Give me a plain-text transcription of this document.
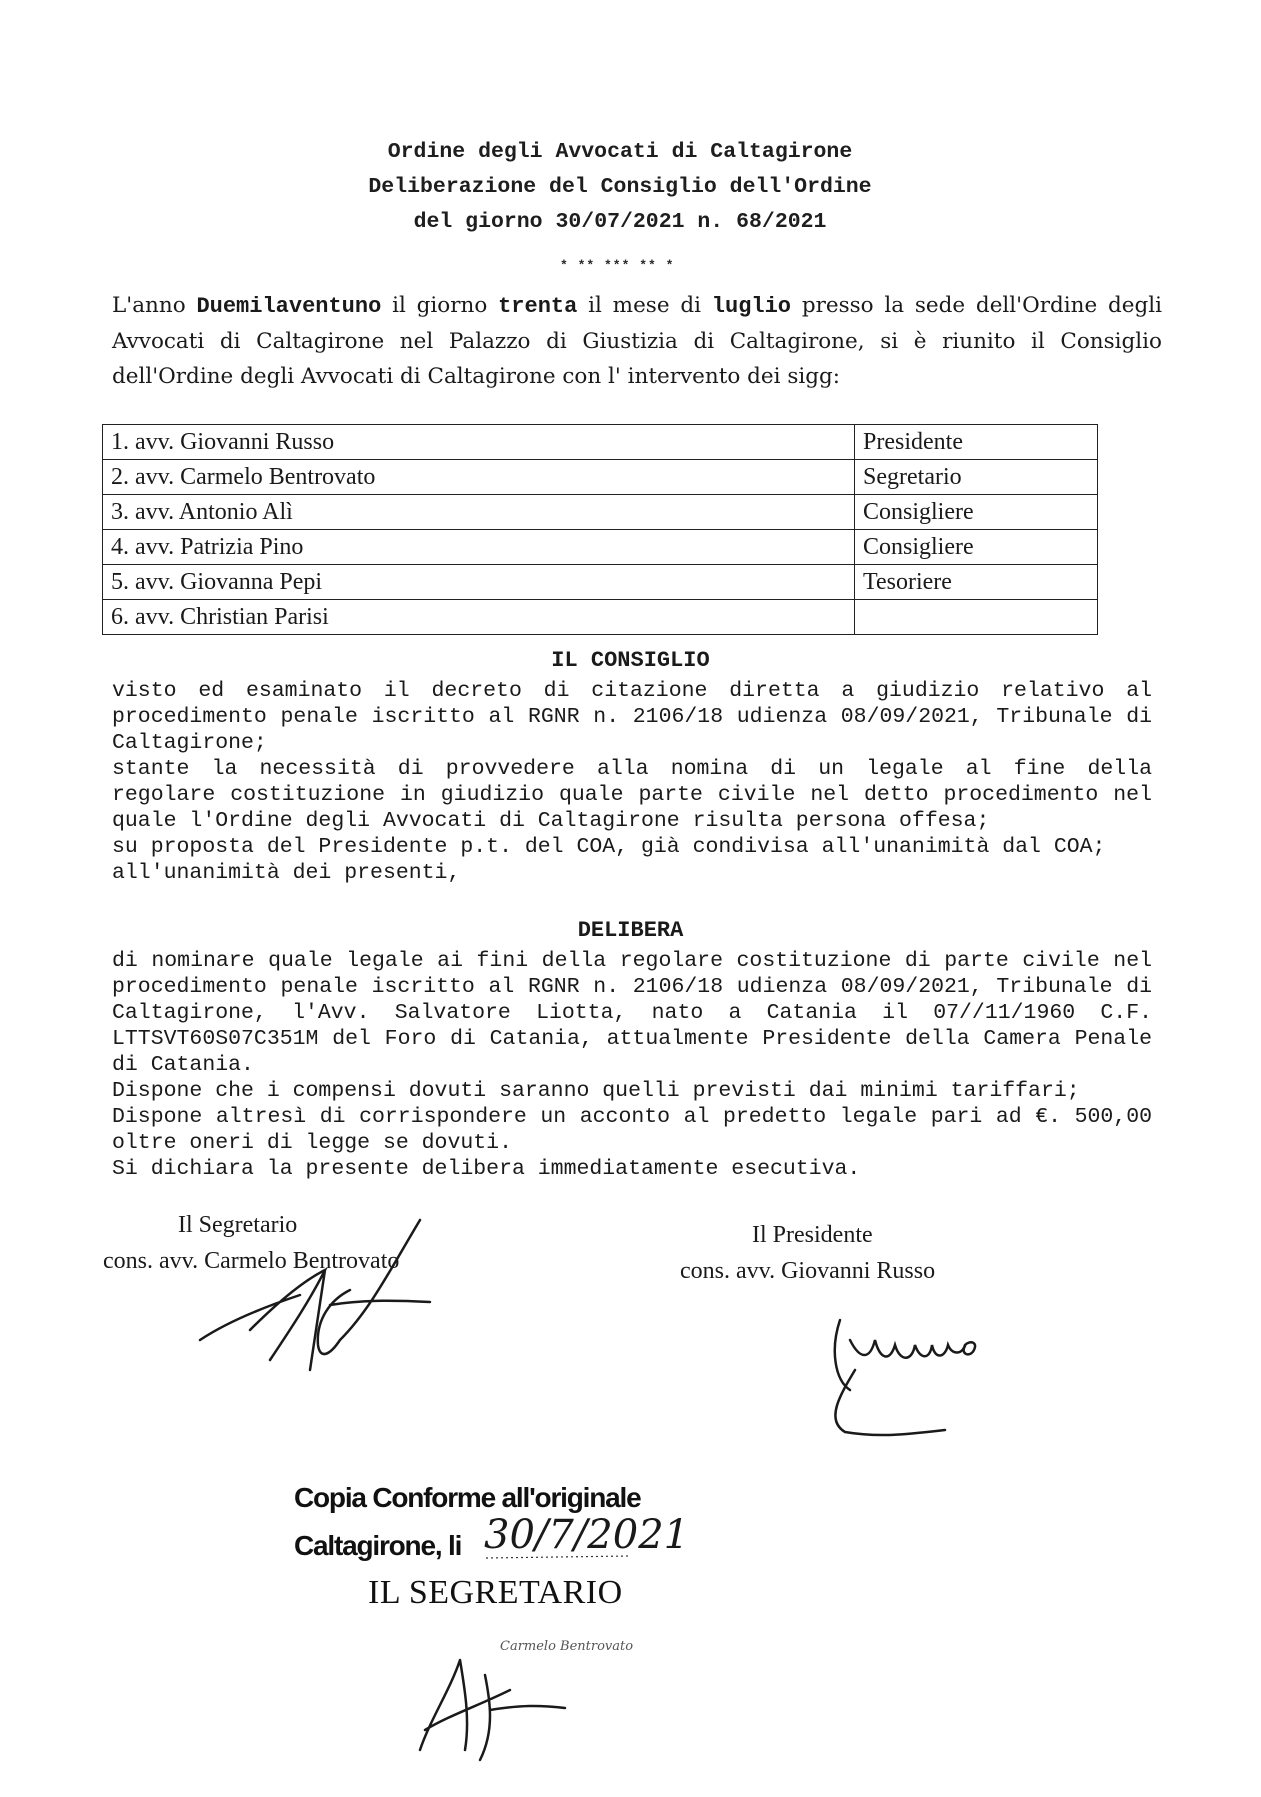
Ordine degli Avvocati di Caltagirone
Deliberazione del Consiglio dell'Ordine
del giorno 30/07/2021 n. 68/2021
* ** *** ** *
L'anno Duemilaventuno il giorno trenta il mese di luglio presso la sede dell'Ordine degli Avvocati di Caltagirone nel Palazzo di Giustizia di Caltagirone, si è riunito il Consiglio dell'Ordine degli Avvocati di Caltagirone con l' intervento dei sigg:
1. avv. Giovanni Russo	Presidente
2. avv. Carmelo Bentrovato	Segretario
3. avv. Antonio Alì	Consigliere
4. avv. Patrizia Pino	Consigliere
5. avv. Giovanna Pepi	Tesoriere
6. avv. Christian Parisi	
IL CONSIGLIO

visto ed esaminato il decreto di citazione diretta a giudizio relativo al procedimento penale iscritto al RGNR n. 2106/18 udienza 08/09/2021, Tribunale di Caltagirone;

stante la necessità di provvedere alla nomina di un legale al fine della regolare costituzione in giudizio quale parte civile nel detto procedimento nel quale l'Ordine degli Avvocati di Caltagirone risulta persona offesa;

su proposta del Presidente p.t. del COA, già condivisa all'unanimità dal COA;

all'unanimità dei presenti,

DELIBERA

di nominare quale legale ai fini della regolare costituzione di parte civile nel procedimento penale iscritto al RGNR n. 2106/18 udienza 08/09/2021, Tribunale di Caltagirone, l'Avv. Salvatore Liotta, nato a Catania il 07//11/1960 C.F. LTTSVT60S07C351M del Foro di Catania, attualmente Presidente della Camera Penale di Catania.

Dispone che i compensi dovuti saranno quelli previsti dai minimi tariffari;

Dispone altresì di corrispondere un acconto al predetto legale pari ad €. 500,00 oltre oneri di legge se dovuti.

Si dichiara la presente delibera immediatamente esecutiva.

Il Segretario
cons. avv. Carmelo Bentrovato
Il Presidente
cons. avv. Giovanni Russo
Copia Conforme all'originale
Caltagirone, li 30/7/2021
IL SEGRETARIO
Carmelo Bentrovato
